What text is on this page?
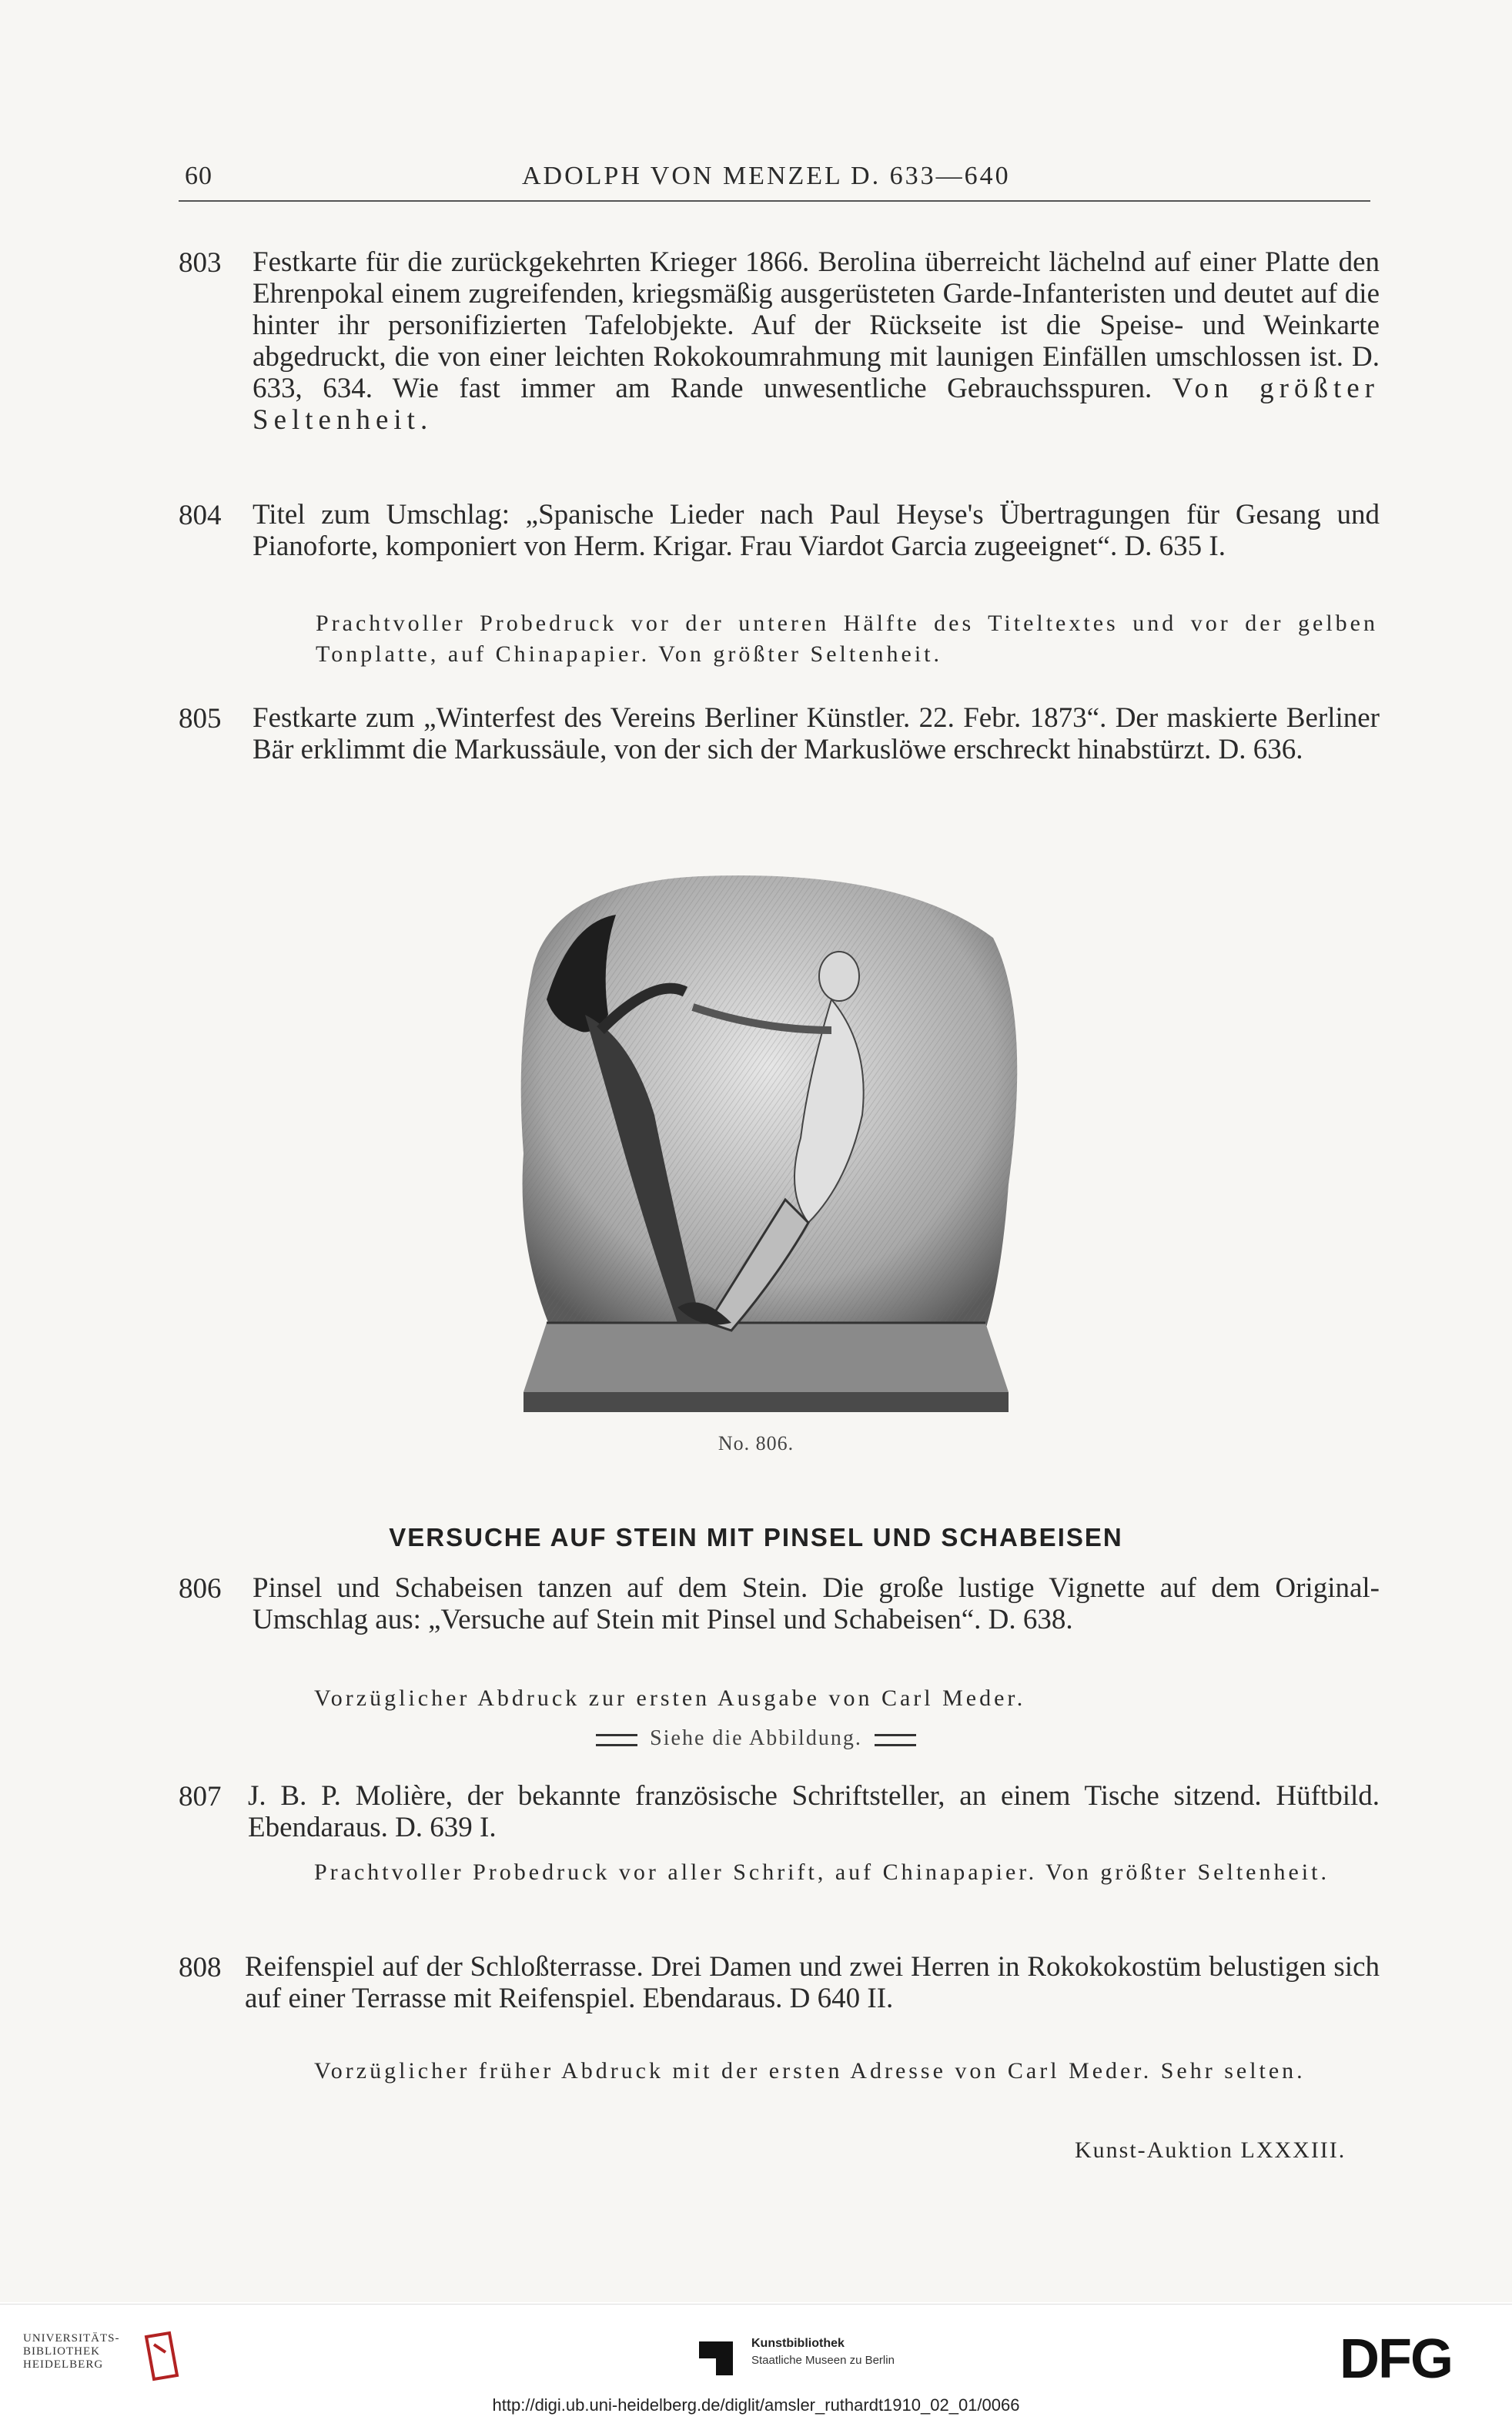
60	ADOLPH VON MENZEL D. 633—640
803 Festkarte für die zurückgekehrten Krieger 1866. Berolina überreicht lächelnd auf einer Platte den Ehrenpokal einem zugreifenden, kriegsmäßig ausgerüsteten Garde-Infanteristen und deutet auf die hinter ihr personifizierten Tafelobjekte. Auf der Rückseite ist die Speise- und Weinkarte abgedruckt, die von einer leichten Rokokoumrahmung mit launigen Einfällen umschlossen ist. D. 633, 634. Wie fast immer am Rande unwesentliche Gebrauchsspuren. Von größter Seltenheit.
804 Titel zum Umschlag: „Spanische Lieder nach Paul Heyse's Übertragungen für Gesang und Pianoforte, komponiert von Herm. Krigar. Frau Viardot Garcia zugeeignet“. D. 635 I.
Prachtvoller Probedruck vor der unteren Hälfte des Titeltextes und vor der gelben Tonplatte, auf Chinapapier. Von größter Seltenheit.
805 Festkarte zum „Winterfest des Vereins Berliner Künstler. 22. Febr. 1873“. Der maskierte Berliner Bär erklimmt die Markussäule, von der sich der Markuslöwe erschreckt hinabstürzt. D. 636.
No. 806.
VERSUCHE AUF STEIN MIT PINSEL UND SCHABEISEN
806 Pinsel und Schabeisen tanzen auf dem Stein. Die große lustige Vignette auf dem Original-Umschlag aus: „Versuche auf Stein mit Pinsel und Schabeisen“. D. 638.
Vorzüglicher Abdruck zur ersten Ausgabe von Carl Meder.
Siehe die Abbildung.
807 J. B. P. Molière, der bekannte französische Schriftsteller, an einem Tische sitzend. Hüftbild. Ebendaraus. D. 639 I.
Prachtvoller Probedruck vor aller Schrift, auf Chinapapier. Von größter Seltenheit.
808 Reifenspiel auf der Schloßterrasse. Drei Damen und zwei Herren in Rokokokostüm belustigen sich auf einer Terrasse mit Reifenspiel. Ebendaraus. D 640 II.
Vorzüglicher früher Abdruck mit der ersten Adresse von Carl Meder. Sehr selten.
Kunst-Auktion LXXXIII.
UNIVERSITÄTS-
BIBLIOTHEK
HEIDELBERG
Kunstbibliothek
Staatliche Museen zu Berlin	DFG
http://digi.ub.uni-heidelberg.de/diglit/amsler_ruthardt1910_02_01/0066
